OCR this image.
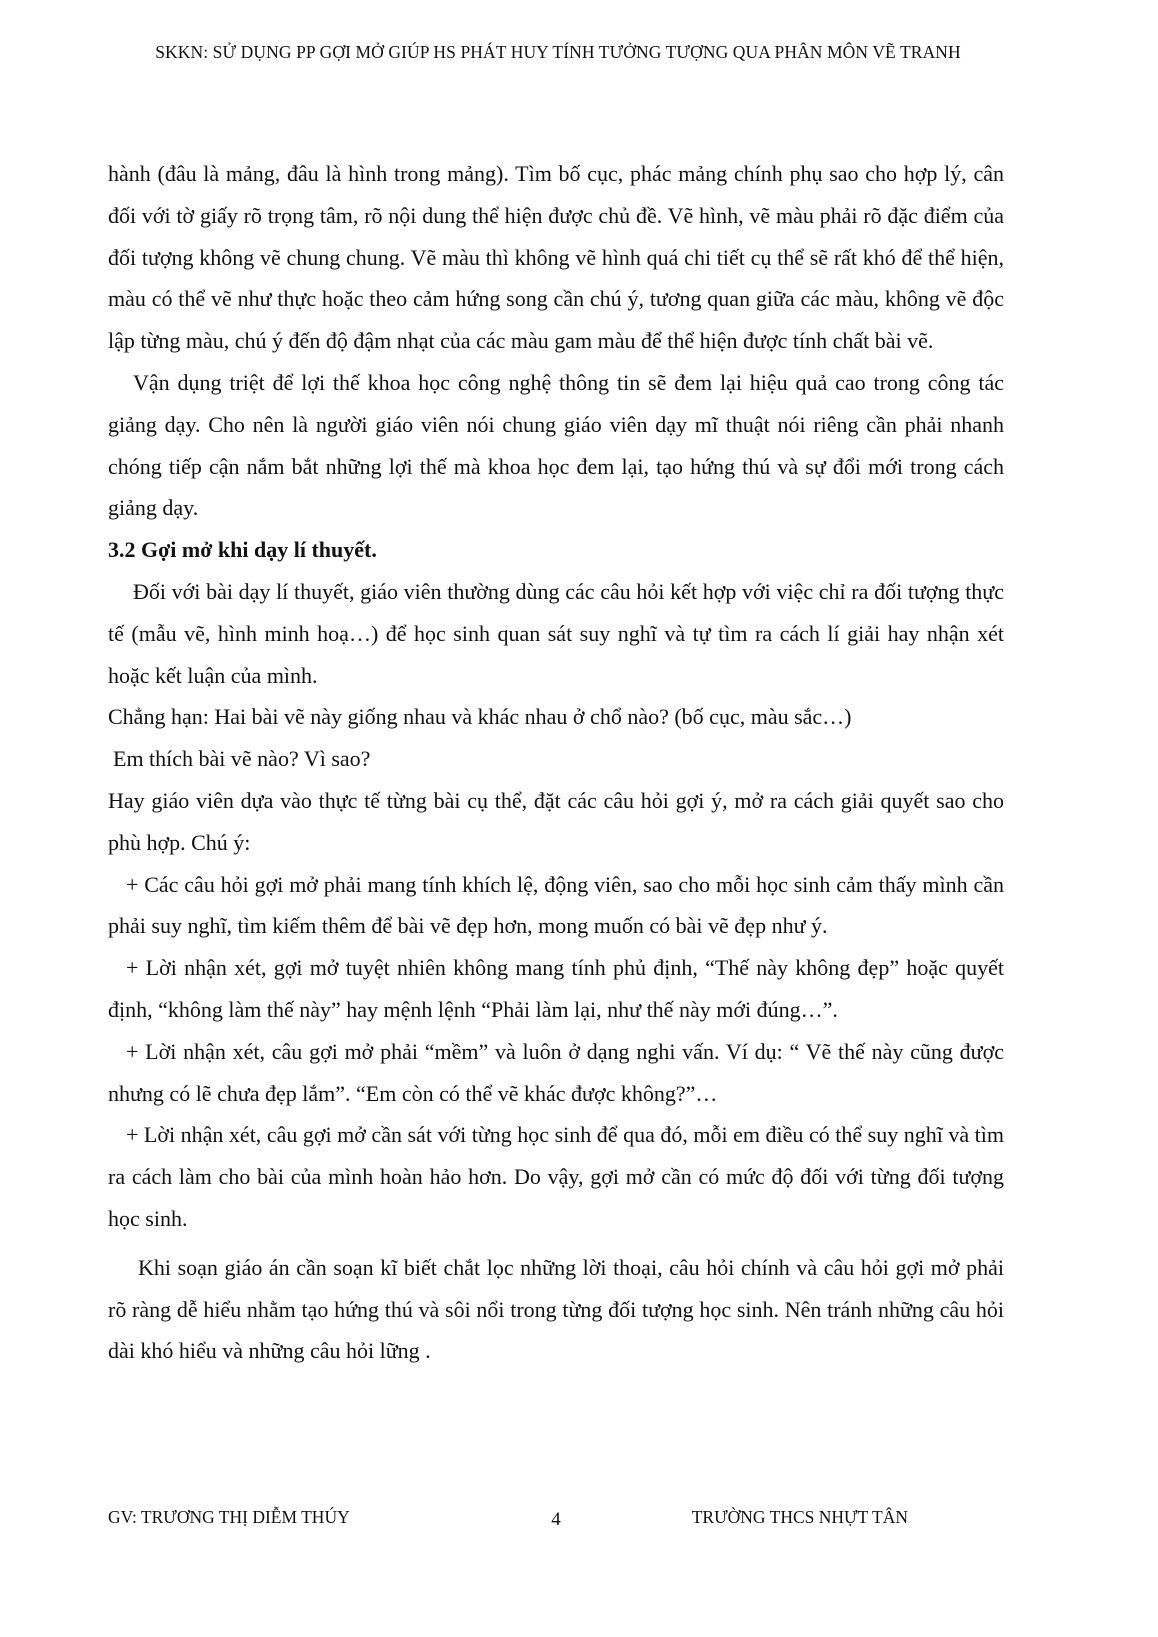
SKKN: SỬ DỤNG PP GỢI MỞ GIÚP HS PHÁT HUY TÍNH TƯỞNG TƯỢNG QUA PHÂN MÔN VẼ TRANH

hành (đâu là mảng, đâu là hình trong mảng). Tìm bố cục, phác mảng chính phụ sao cho hợp lý, cân đối với tờ giấy rõ trọng tâm, rõ nội dung thể hiện được chủ đề. Vẽ hình, vẽ màu phải rõ đặc điểm của đối tượng không vẽ chung chung. Vẽ màu thì không vẽ hình quá chi tiết cụ thể sẽ rất khó để thể hiện, màu có thể vẽ như thực hoặc theo cảm hứng song cần chú ý, tương quan giữa các màu, không vẽ độc lập từng màu, chú ý đến độ đậm nhạt của các màu gam màu để thể hiện được tính chất bài vẽ.

Vận dụng triệt để lợi thế khoa học công nghệ thông tin sẽ đem lại hiệu quả cao trong công tác giảng dạy. Cho nên là người giáo viên nói chung giáo viên dạy mĩ thuật nói riêng cần phải nhanh chóng tiếp cận nắm bắt những lợi thế mà khoa học đem lại, tạo hứng thú và sự đổi mới trong cách giảng dạy.

3.2 Gợi mở khi dạy lí thuyết.

Đối với bài dạy lí thuyết, giáo viên thường dùng các câu hỏi kết hợp với việc chỉ ra đối tượng thực tế (mẫu vẽ, hình minh hoạ…) để học sinh quan sát suy nghĩ và tự tìm ra cách lí giải hay nhận xét hoặc kết luận của mình.

Chẳng hạn: Hai bài vẽ này giống nhau và khác nhau ở chổ nào? (bố cục, màu sắc…)

Em thích bài vẽ nào? Vì sao?

Hay giáo viên dựa vào thực tế từng bài cụ thể, đặt các câu hỏi gợi ý, mở ra cách giải quyết sao cho phù hợp. Chú ý:

+ Các câu hỏi gợi mở phải mang tính khích lệ, động viên, sao cho mỗi học sinh cảm thấy mình cần phải suy nghĩ, tìm kiếm thêm để bài vẽ đẹp hơn, mong muốn có bài vẽ đẹp như ý.

+ Lời nhận xét, gợi mở tuyệt nhiên không mang tính phủ định, “Thế này không đẹp” hoặc quyết định, “không làm thế này” hay mệnh lệnh “Phải làm lại, như thế này mới đúng…”.

+ Lời nhận xét, câu gợi mở phải “mềm” và luôn ở dạng nghi vấn. Ví dụ: “ Vẽ thế này cũng được nhưng có lẽ chưa đẹp lắm”. “Em còn có thể vẽ khác được không?”…

+ Lời nhận xét, câu gợi mở cần sát với từng học sinh để qua đó, mỗi em điều có thể suy nghĩ và tìm ra cách làm cho bài của mình hoàn hảo hơn. Do vậy, gợi mở cần có mức độ đối với từng đối tượng học sinh.

Khi soạn giáo án cần soạn kĩ biết chắt lọc những lời thoại, câu hỏi chính và câu hỏi gợi mở phải rõ ràng dễ hiểu nhằm tạo hứng thú và sôi nổi trong từng đối tượng học sinh. Nên tránh những câu hỏi dài khó hiểu và những câu hỏi lững .

GV: TRƯƠNG THỊ DIỄM THÚY	4	TRƯỜNG THCS NHỰT TÂN
